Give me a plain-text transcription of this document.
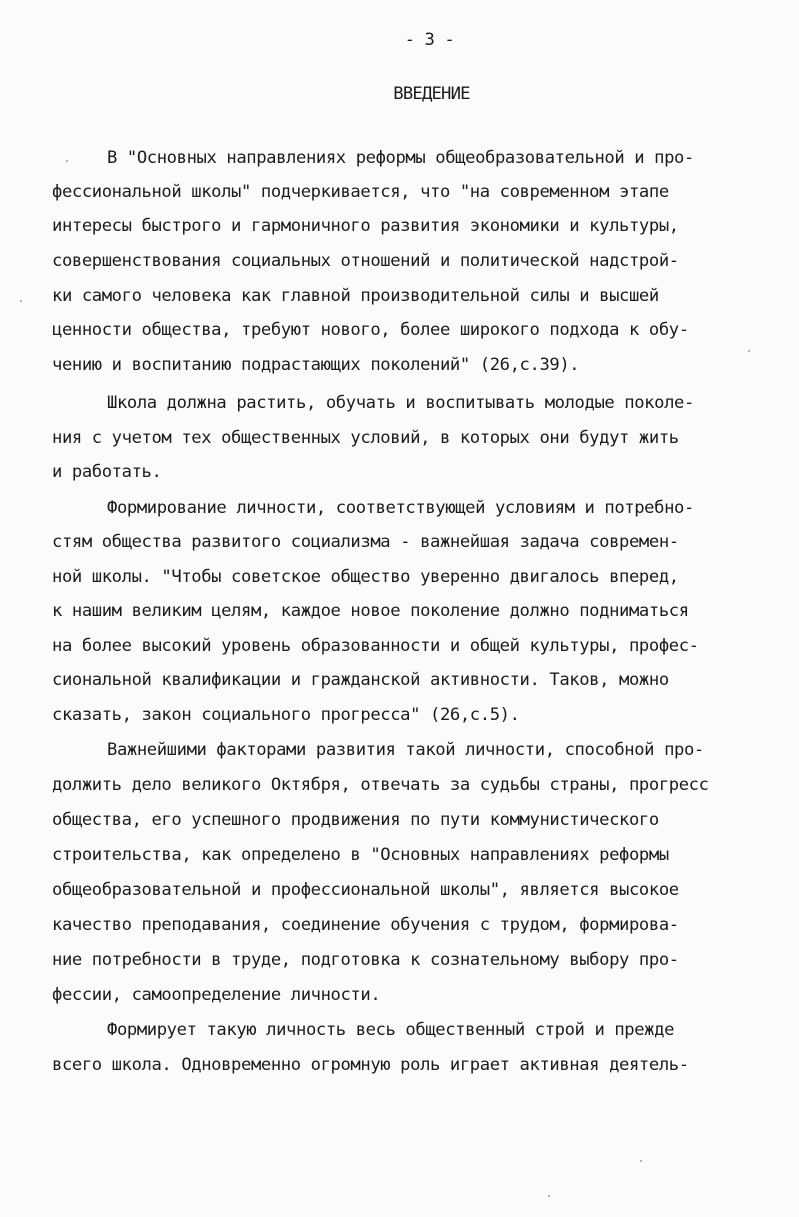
- 3 -
ВВЕДЕНИЕ
В "Основных направлениях реформы общеобразовательной и про-
фессиональной школы" подчеркивается, что "на современном этапе
интересы быстрого и гармоничного развития экономики и культуры,
совершенствования социальных отношений и политической надстрой-
ки самого человека как главной производительной силы и высшей
ценности общества, требуют нового, более широкого подхода к обу-
чению и воспитанию подрастающих поколений" (26,с.39).
Школа должна растить, обучать и воспитывать молодые поколе-
ния с учетом тех общественных условий, в которых они будут жить
и работать.
Формирование личности, соответствующей условиям и потребно-
стям общества развитого социализма - важнейшая задача современ-
ной школы. "Чтобы советское общество уверенно двигалось вперед,
к нашим великим целям, каждое новое поколение должно подниматься
на более высокий уровень образованности и общей культуры, профес-
сиональной квалификации и гражданской активности. Таков, можно
сказать, закон социального прогресса" (26,с.5).
Важнейшими факторами развития такой личности, способной про-
должить дело великого Октября, отвечать за судьбы страны, прогресс
общества, его успешного продвижения по пути коммунистического
строительства, как определено в "Основных направлениях реформы
общеобразовательной и профессиональной школы", является высокое
качество преподавания, соединение обучения с трудом, формирова-
ние потребности в труде, подготовка к сознательному выбору про-
фессии, самоопределение личности.
Формирует такую личность весь общественный строй и прежде
всего школа. Одновременно огромную роль играет активная деятель-
